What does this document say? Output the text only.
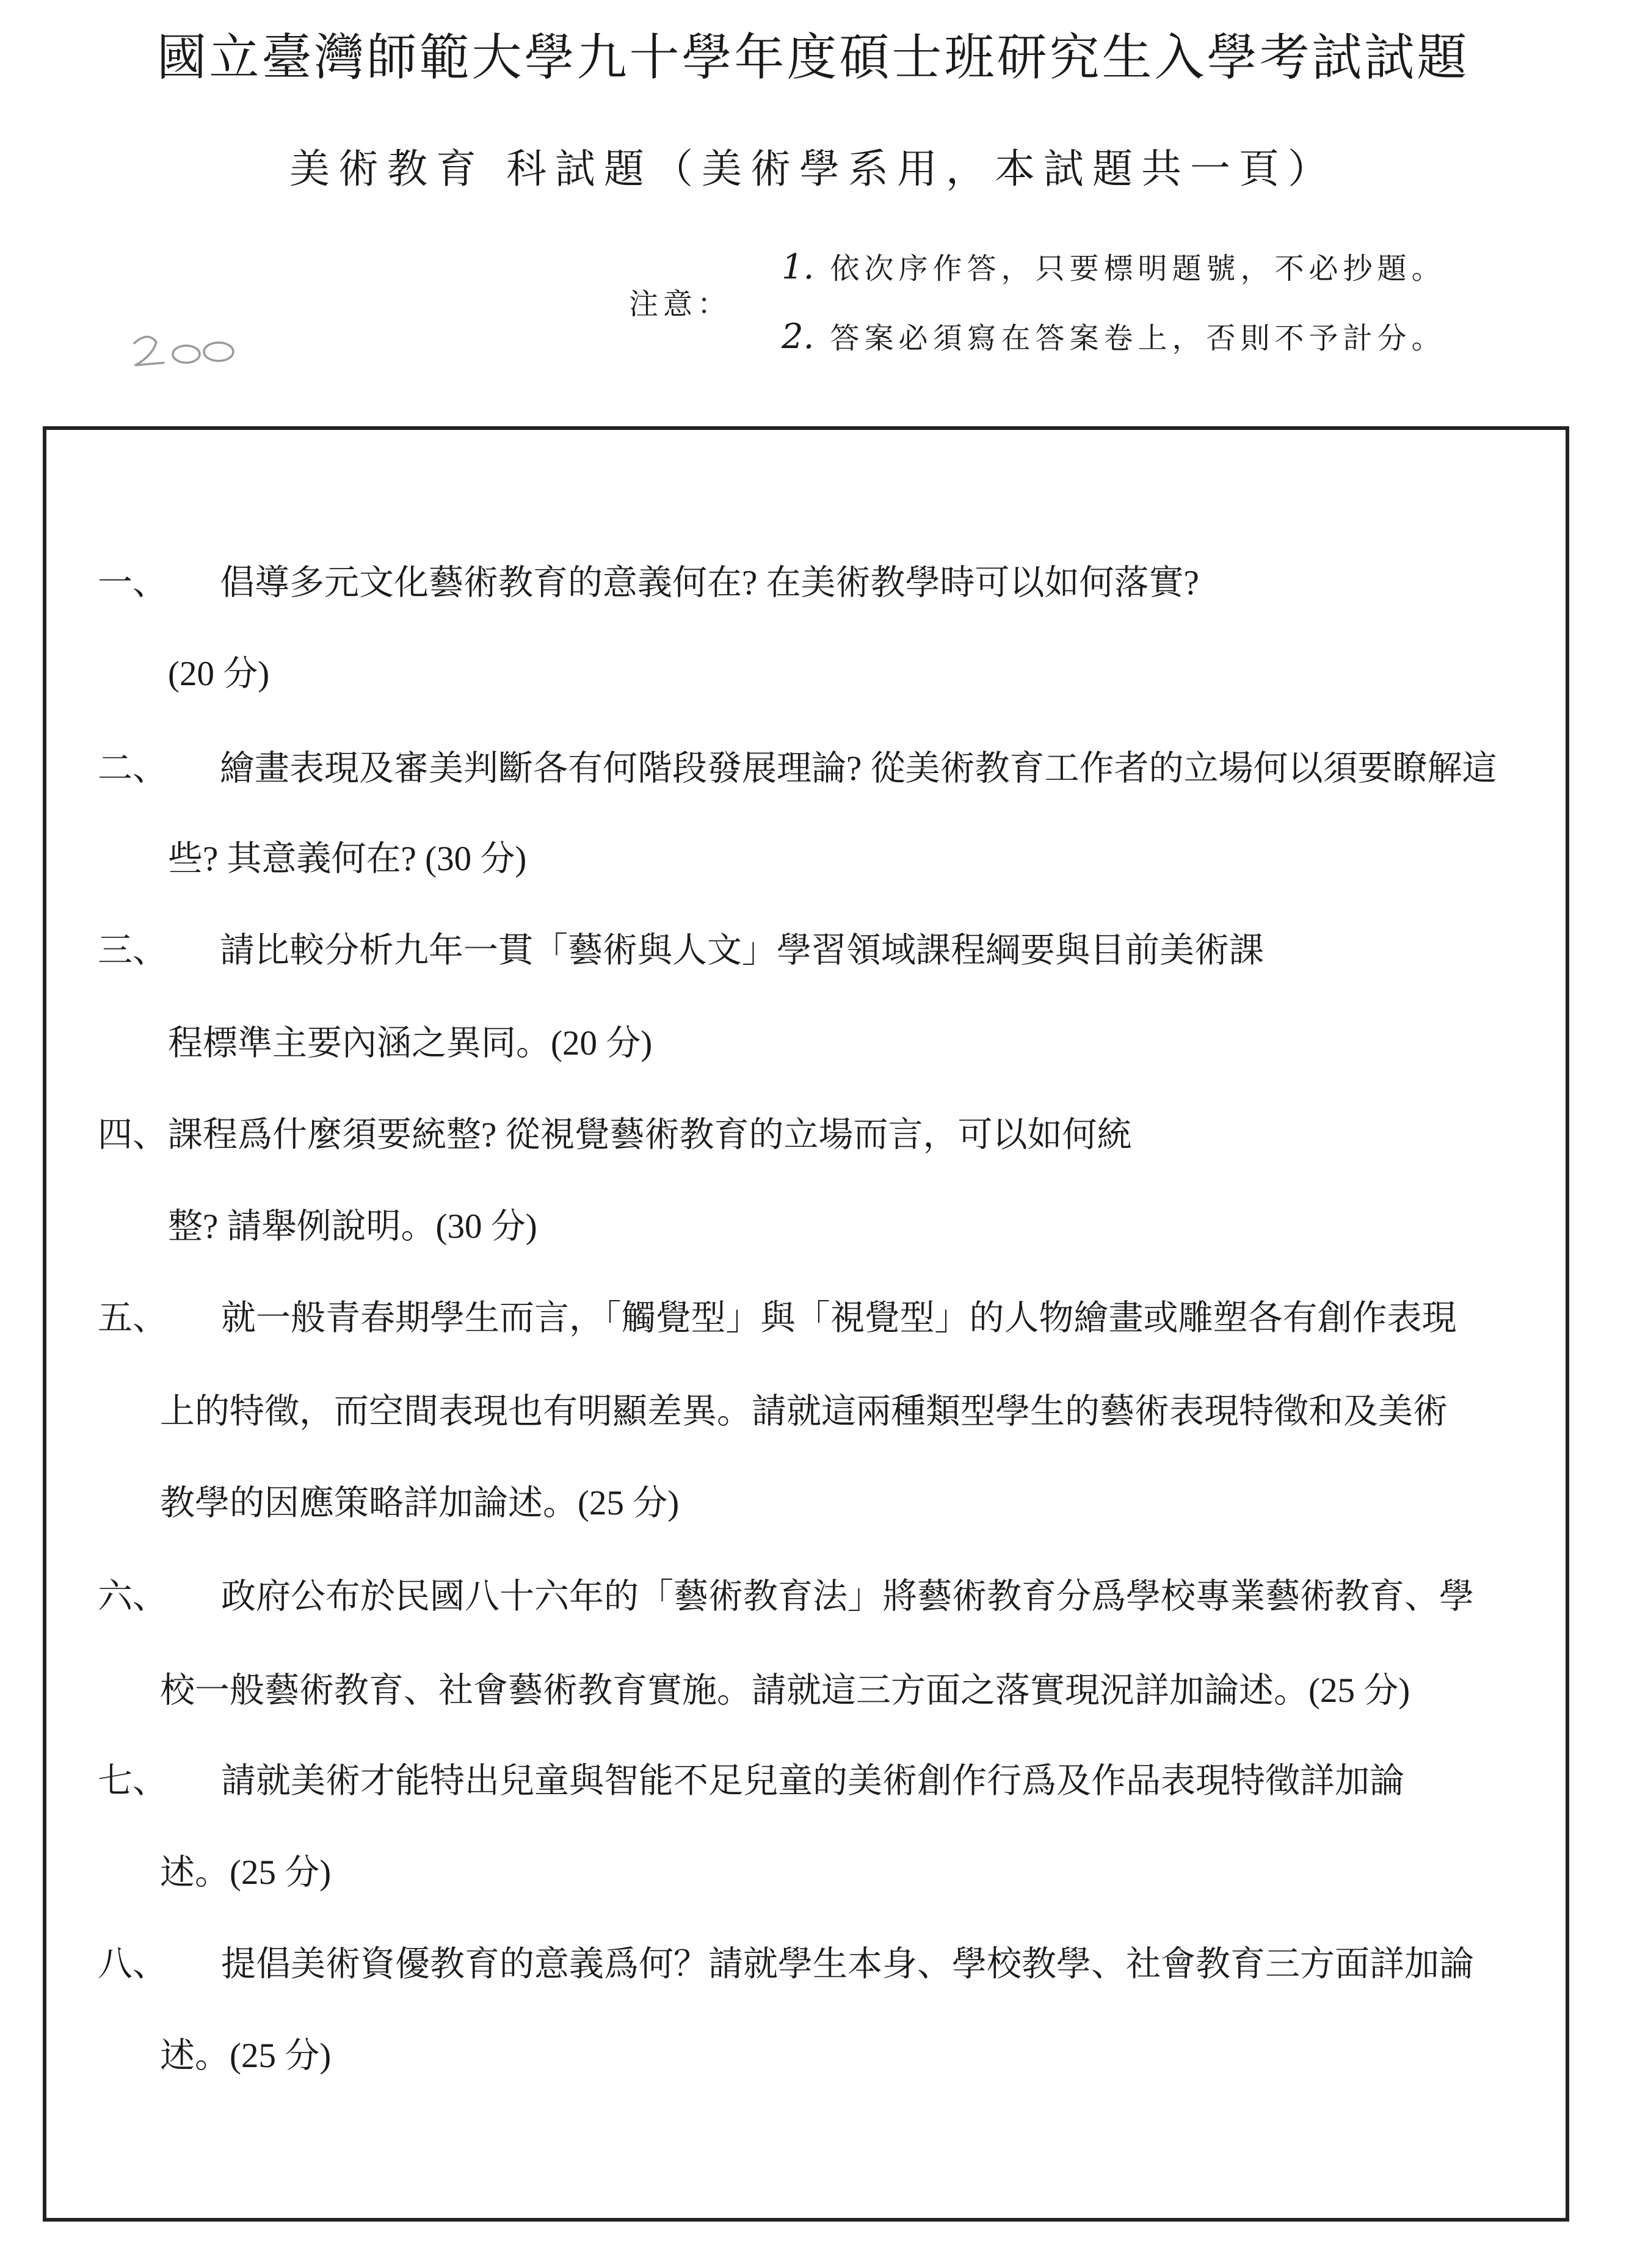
國立臺灣師範大學九十學年度碩士班研究生入學考試試題
美術教育 科試題（美術學系用，本試題共一頁）
注意：
1. 依次序作答，只要標明題號，不必抄題。
2. 答案必須寫在答案卷上，否則不予計分。
一、 倡導多元文化藝術教育的意義何在? 在美術教學時可以如何落實?
(20 分)
二、 繪畫表現及審美判斷各有何階段發展理論? 從美術教育工作者的立場何以須要瞭解這
些? 其意義何在? (30 分)
三、 請比較分析九年一貫「藝術與人文」學習領域課程綱要與目前美術課
程標準主要內涵之異同。(20 分)
四、 課程爲什麼須要統整? 從視覺藝術教育的立場而言，可以如何統
整? 請舉例說明。(30 分)
五、 就一般青春期學生而言，「觸覺型」與「視覺型」的人物繪畫或雕塑各有創作表現
上的特徵，而空間表現也有明顯差異。請就這兩種類型學生的藝術表現特徵和及美術
教學的因應策略詳加論述。(25 分)
六、 政府公布於民國八十六年的「藝術教育法」將藝術教育分爲學校專業藝術教育、學
校一般藝術教育、社會藝術教育實施。請就這三方面之落實現況詳加論述。(25 分)
七、 請就美術才能特出兒童與智能不足兒童的美術創作行爲及作品表現特徵詳加論
述。(25 分)
八、 提倡美術資優教育的意義爲何？請就學生本身、學校教學、社會教育三方面詳加論
述。(25 分)
